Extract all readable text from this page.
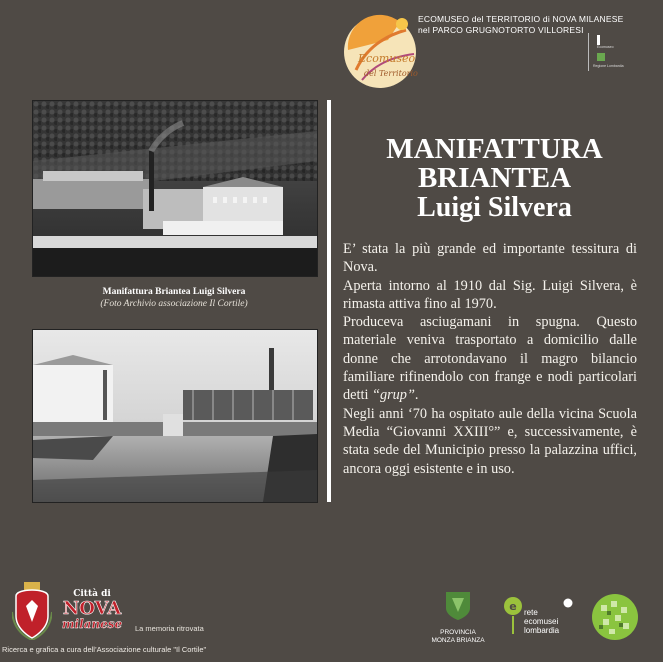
Ecomuseo
del Territorio
ECOMUSEO del TERRITORIO di NOVA MILANESE
nel PARCO GRUGNOTORTO VILLORESI
Ecomuseo
Regione Lombardia
Manifattura Briantea Luigi Silvera
(Foto Archivio associazione Il Cortile)
MANIFATTURA
BRIANTEA
Luigi Silvera

E’ stata la più grande ed importante tessitura di Nova.

Aperta intorno al 1910 dal Sig. Luigi Silvera, è rimasta attiva fino al 1970.

Produceva asciugamani in spugna. Questo materiale veniva trasportato a domicilio dalle donne che arrotondavano il magro bilancio familiare rifinendolo con frange e nodi particolari detti “grup”.

Negli anni ‘70 ha ospitato aule della vicina Scuola Media “Giovanni XXIII°” e, successivamente, è stata sede del Municipio presso la palazzina uffici, ancora oggi esistente e in uso.

Città di
NOVA
milanese La memoria ritrovata
Ricerca e grafica a cura dell’Associazione culturale "Il Cortile"
PROVINCIA
MONZA BRIANZA
e rete
ecomusei
lombardia
